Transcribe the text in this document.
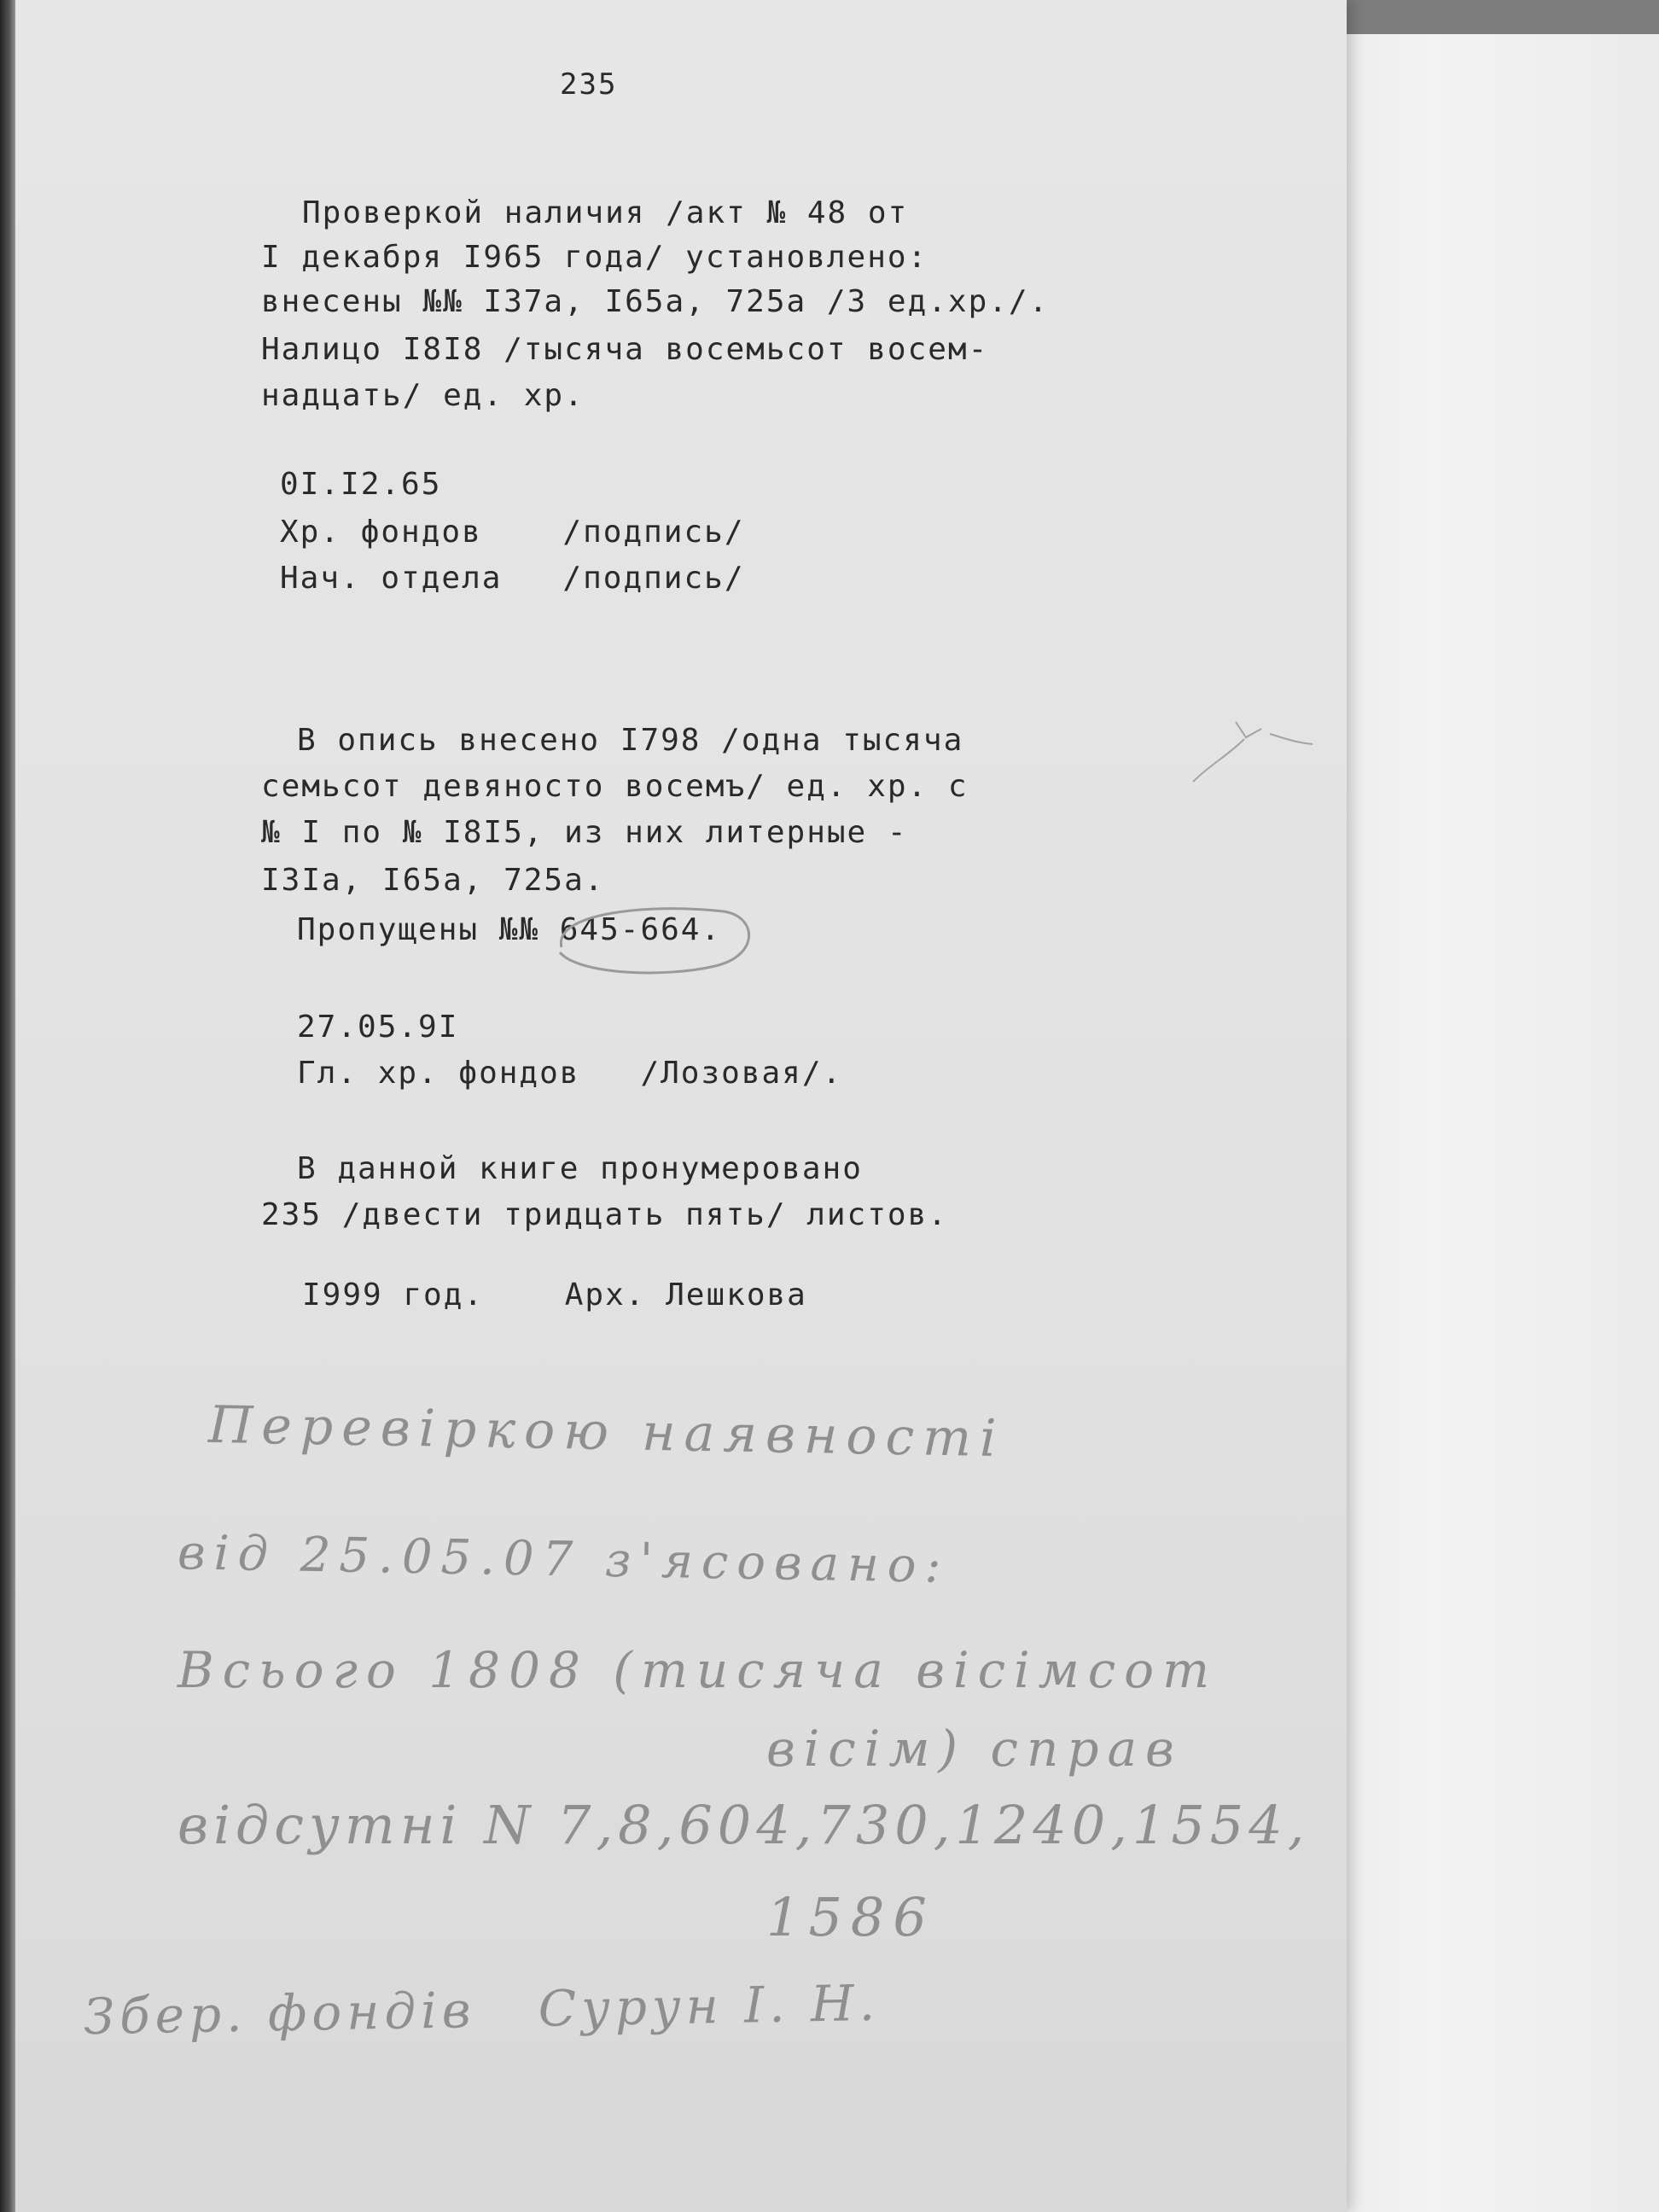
235
Проверкой наличия /акт № 48 от
I декабря I965 года/ установлено:
внесены №№ I37а, I65а, 725а /3 ед.хр./.
Налицо I8I8 /тысяча восемьсот восем-
надцать/ ед. хр.
0I.I2.65
Хр. фондов    /подпись/
Нач. отдела   /подпись/
В опись внесено I798 /одна тысяча
семьсот девяносто восемъ/ ед. хр. с
№ I по № I8I5, из них литерные -
I3Iа, I65а, 725а.
Пропущены №№ 645-664.
27.05.9I
Гл. хр. фондов   /Лозовая/.
В данной книге пронумеровано
235 /двести тридцать пять/ листов.
I999 год.    Арх. Лешкова
Перевіркою наявності
від 25.05.07 з'ясовано:
Всього 1808 (тисяча вісімсот
вісім) справ
відсутні N 7,8,604,730,1240,1554,
1586
Збер. фондів   Сурун І. Н.
